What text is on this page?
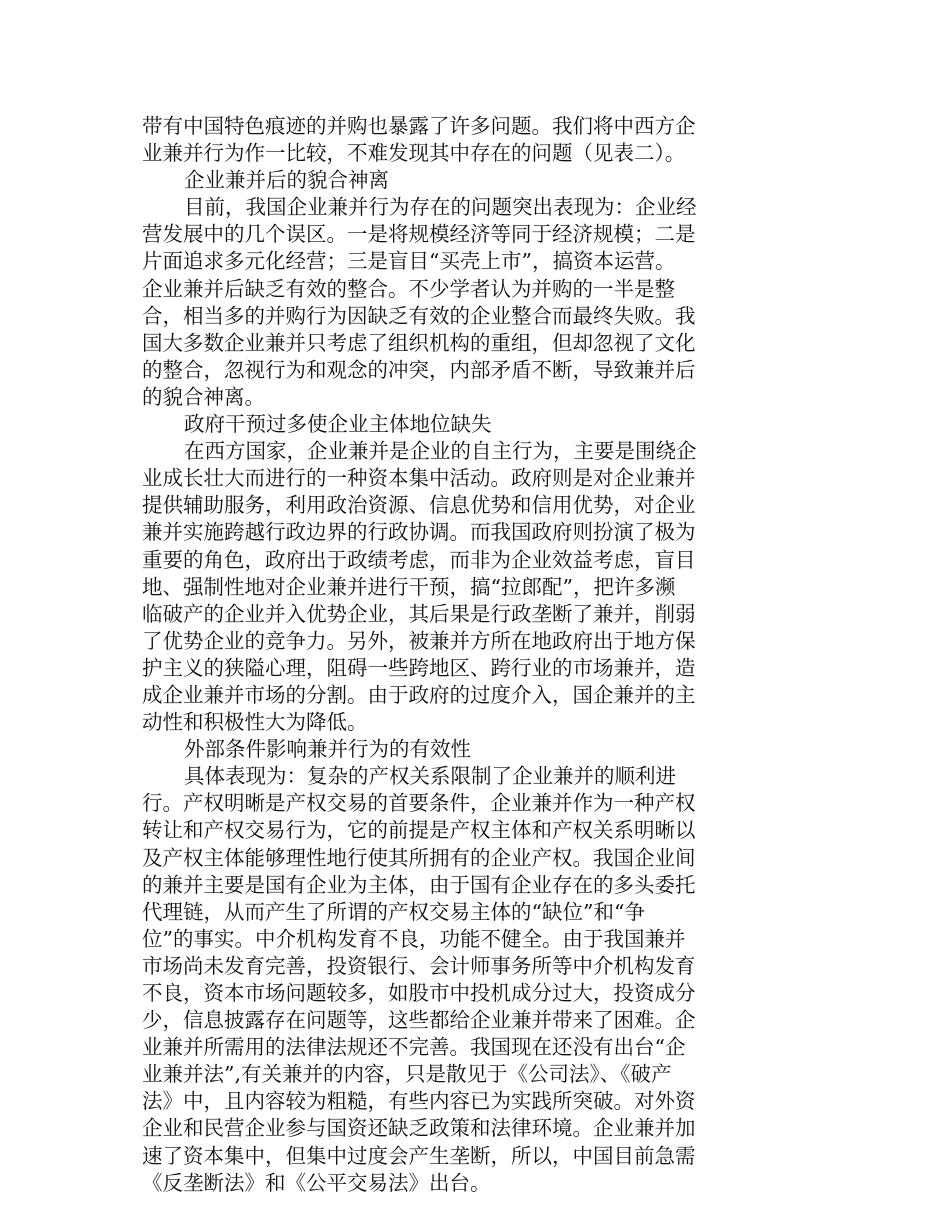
带有中国特色痕迹的并购也暴露了许多问题。我们将中西方企
业兼并行为作一比较，不难发现其中存在的问题（见表二）。
企业兼并后的貌合神离
目前，我国企业兼并行为存在的问题突出表现为：企业经
营发展中的几个误区。一是将规模经济等同于经济规模；二是
片面追求多元化经营；三是盲目“买壳上市”，搞资本运营。
企业兼并后缺乏有效的整合。不少学者认为并购的一半是整
合，相当多的并购行为因缺乏有效的企业整合而最终失败。我
国大多数企业兼并只考虑了组织机构的重组，但却忽视了文化
的整合，忽视行为和观念的冲突，内部矛盾不断，导致兼并后
的貌合神离。
政府干预过多使企业主体地位缺失
在西方国家，企业兼并是企业的自主行为，主要是围绕企
业成长壮大而进行的一种资本集中活动。政府则是对企业兼并
提供辅助服务，利用政治资源、信息优势和信用优势，对企业
兼并实施跨越行政边界的行政协调。而我国政府则扮演了极为
重要的角色，政府出于政绩考虑，而非为企业效益考虑，盲目
地、强制性地对企业兼并进行干预，搞“拉郎配”，把许多濒
临破产的企业并入优势企业，其后果是行政垄断了兼并，削弱
了优势企业的竞争力。另外，被兼并方所在地政府出于地方保
护主义的狭隘心理，阻碍一些跨地区、跨行业的市场兼并，造
成企业兼并市场的分割。由于政府的过度介入，国企兼并的主
动性和积极性大为降低。
外部条件影响兼并行为的有效性
具体表现为：复杂的产权关系限制了企业兼并的顺利进
行。产权明晰是产权交易的首要条件，企业兼并作为一种产权
转让和产权交易行为，它的前提是产权主体和产权关系明晰以
及产权主体能够理性地行使其所拥有的企业产权。我国企业间
的兼并主要是国有企业为主体，由于国有企业存在的多头委托
代理链，从而产生了所谓的产权交易主体的“缺位”和“争
位”的事实。中介机构发育不良，功能不健全。由于我国兼并
市场尚未发育完善，投资银行、会计师事务所等中介机构发育
不良，资本市场问题较多，如股市中投机成分过大，投资成分
少，信息披露存在问题等，这些都给企业兼并带来了困难。企
业兼并所需用的法律法规还不完善。我国现在还没有出台“企
业兼并法”,有关兼并的内容，只是散见于《公司法》、《破产
法》中，且内容较为粗糙，有些内容已为实践所突破。对外资
企业和民营企业参与国资还缺乏政策和法律环境。企业兼并加
速了资本集中，但集中过度会产生垄断，所以，中国目前急需
《反垄断法》和《公平交易法》出台。
